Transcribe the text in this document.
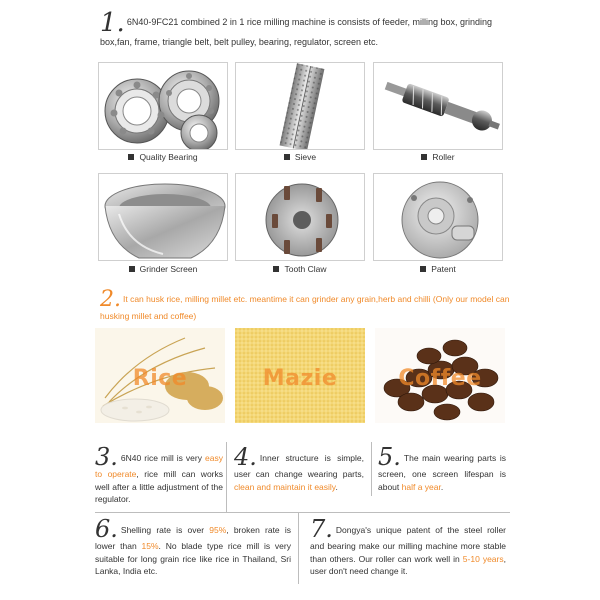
1. 6N40-9FC21 combined 2 in 1 rice milling machine is consists of feeder, milling box, grinding box,fan, frame, triangle belt, belt pulley, bearing, regulator, screen etc.

Quality Bearing	Sieve	Roller
Grinder Screen	Tooth Claw	Patent
2. It can husk rice, milling millet etc. meantime it can grinder any grain,herb and chilli (Only our model can husking millet and coffee)
Rice	Mazie	Coffee
3. 6N40 rice mill is very easy to operate, rice mill can works well after a little adjustment of the regulator.
4. Inner structure is simple, user can change wearing parts, clean and maintain it easily.
5. The main wearing parts is screen, one screen lifespan is about half a year.
6. Shelling rate is over 95%, broken rate is lower than 15%. No blade type rice mill is very suitable for long grain rice like rice in Thailand, Sri Lanka, India etc.
7. Dongya's unique patent of the steel roller and bearing make our milling machine more stable than others. Our roller can work well in 5-10 years, user don't need change it.
